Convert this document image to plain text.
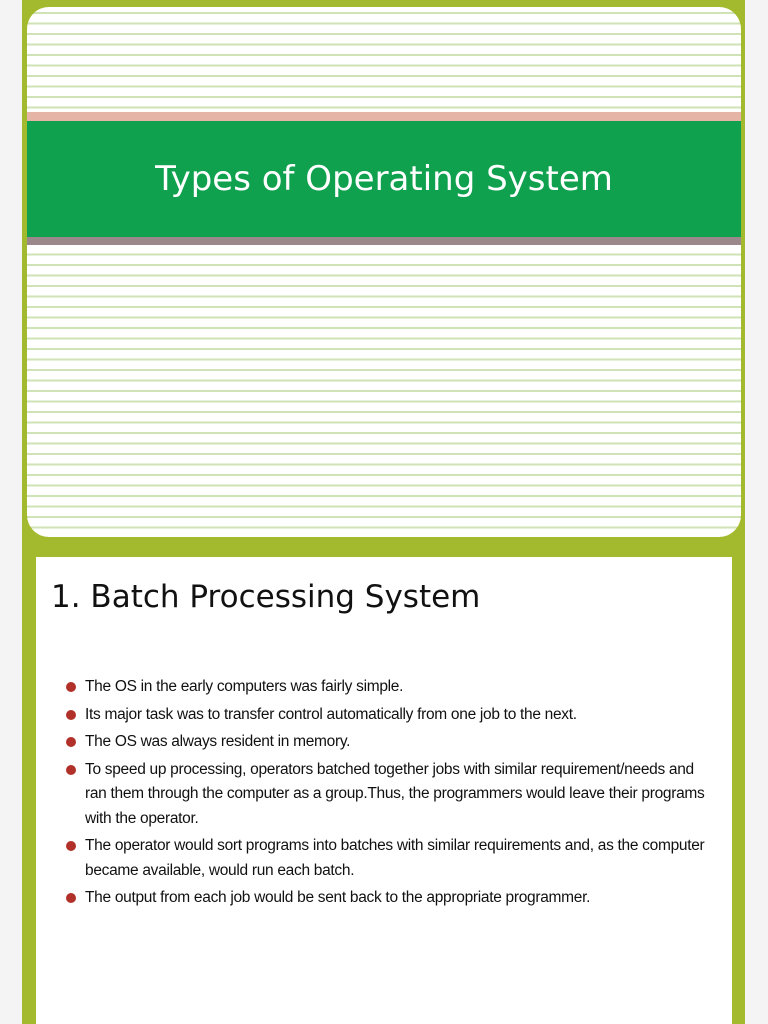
Types of Operating System
1. Batch Processing System
The OS in the early computers was fairly simple.
Its major task was to transfer control automatically from one job to the next.
The OS was always resident in memory.
To speed up processing, operators batched together jobs with similar requirement/needs and ran them through the computer as a group.Thus, the programmers would leave their programs with the operator.
The operator would sort programs into batches with similar requirements and, as the computer became available, would run each batch.
The output from each job would be sent back to the appropriate programmer.
